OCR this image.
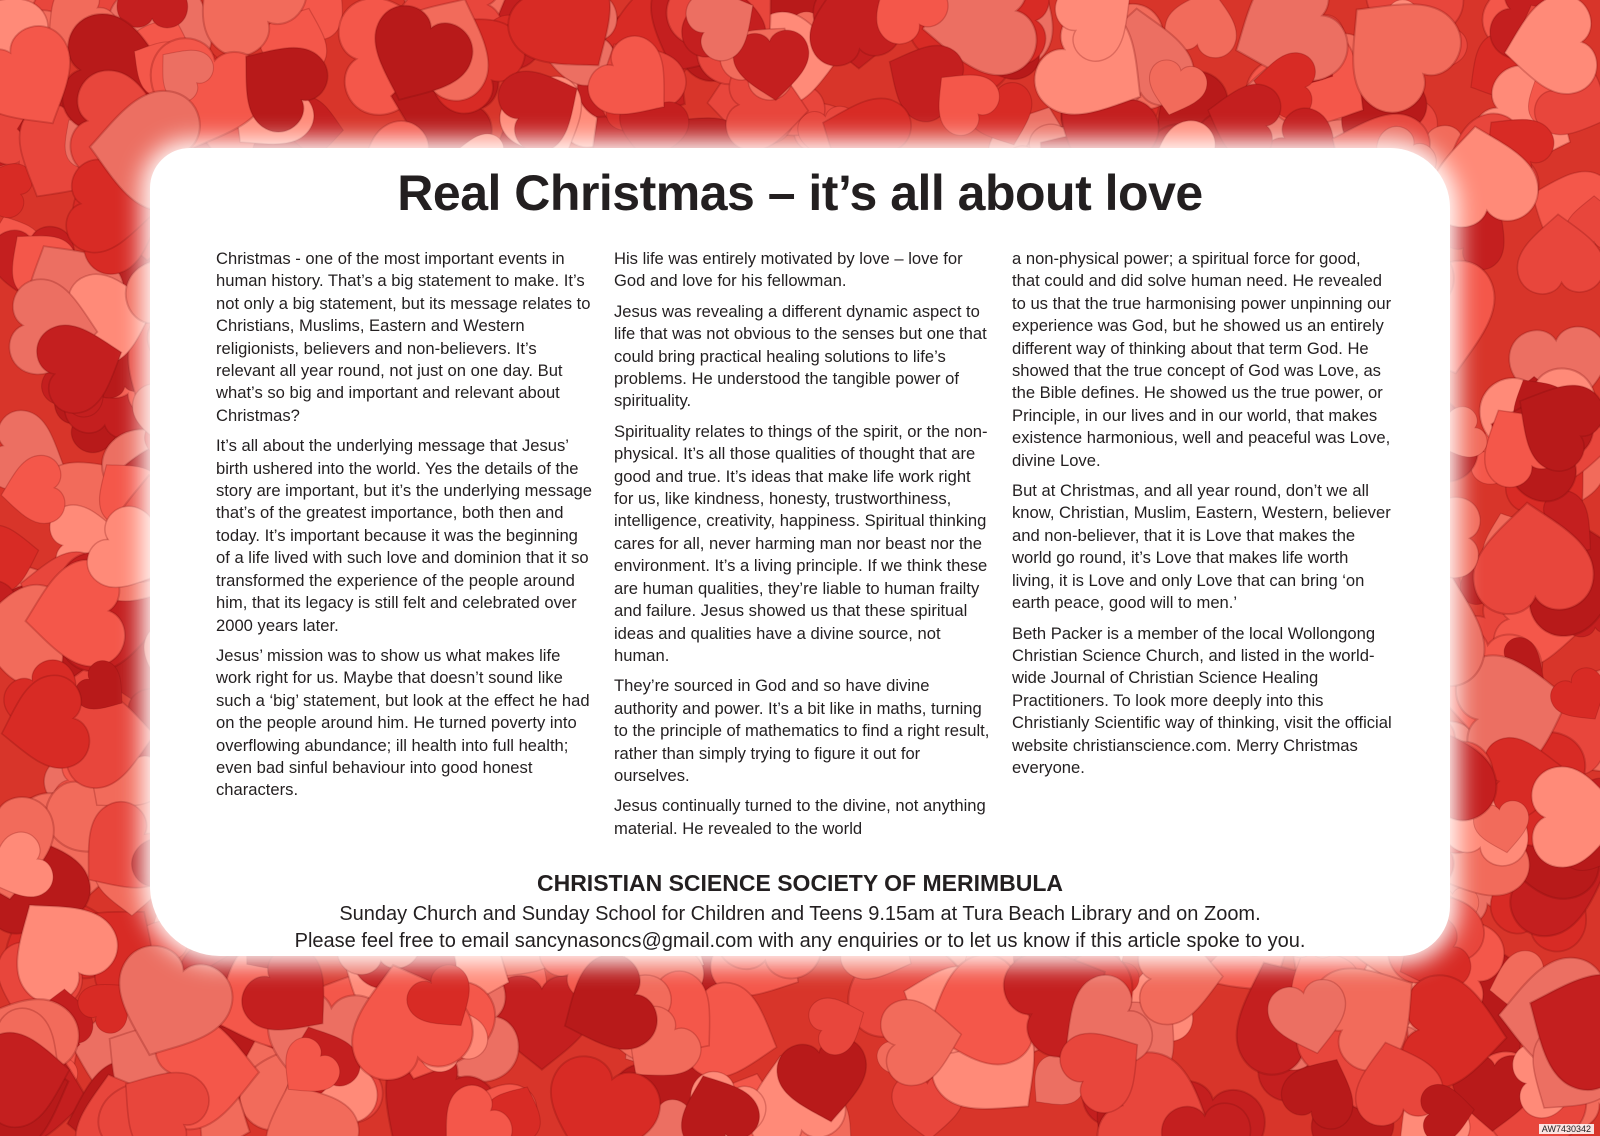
Real Christmas – it’s all about love

Christmas - one of the most important events in human history. That’s a big statement to make. It’s not only a big statement, but its message relates to Christians, Muslims, Eastern and Western religionists, believers and non-believers. It’s relevant all year round, not just on one day. But what’s so big and important and relevant about Christmas?

It’s all about the underlying message that Jesus’ birth ushered into the world. Yes the details of the story are important, but it’s the underlying message that’s of the greatest importance, both then and today. It’s important because it was the beginning of a life lived with such love and dominion that it so transformed the experience of the people around him, that its legacy is still felt and celebrated over 2000 years later.

Jesus’ mission was to show us what makes life work right for us. Maybe that doesn’t sound like such a ‘big’ statement, but look at the effect he had on the people around him. He turned poverty into overflowing abundance; ill health into full health; even bad sinful behaviour into good honest characters.

His life was entirely motivated by love – love for God and love for his fellowman.

Jesus was revealing a different dynamic aspect to life that was not obvious to the senses but one that could bring practical healing solutions to life’s problems. He understood the tangible power of spirituality.

Spirituality relates to things of the spirit, or the non-physical. It’s all those qualities of thought that are good and true. It’s ideas that make life work right for us, like kindness, honesty, trustworthiness, intelligence, creativity, happiness. Spiritual thinking cares for all, never harming man nor beast nor the environment. It’s a living principle. If we think these are human qualities, they’re liable to human frailty and failure. Jesus showed us that these spiritual ideas and qualities have a divine source, not human.

They’re sourced in God and so have divine authority and power. It’s a bit like in maths, turning to the principle of mathematics to find a right result, rather than simply trying to figure it out for ourselves.

Jesus continually turned to the divine, not anything material. He revealed to the world

a non-physical power; a spiritual force for good, that could and did solve human need. He revealed to us that the true harmonising power unpinning our experience was God, but he showed us an entirely different way of thinking about that term God. He showed that the true concept of God was Love, as the Bible defines. He showed us the true power, or Principle, in our lives and in our world, that makes existence harmonious, well and peaceful was Love, divine Love.

But at Christmas, and all year round, don’t we all know, Christian, Muslim, Eastern, Western, believer and non-believer, that it is Love that makes the world go round, it’s Love that makes life worth living, it is Love and only Love that can bring ‘on earth peace, good will to men.’

Beth Packer is a member of the local Wollongong Christian Science Church, and listed in the world-wide Journal of Christian Science Healing Practitioners. To look more deeply into this Christianly Scientific way of thinking, visit the official website christianscience.com. Merry Christmas everyone.

CHRISTIAN SCIENCE SOCIETY OF MERIMBULA
Sunday Church and Sunday School for Children and Teens 9.15am at Tura Beach Library and on Zoom.
Please feel free to email sancynasoncs@gmail.com with any enquiries or to let us know if this article spoke to you.
AW7430342
